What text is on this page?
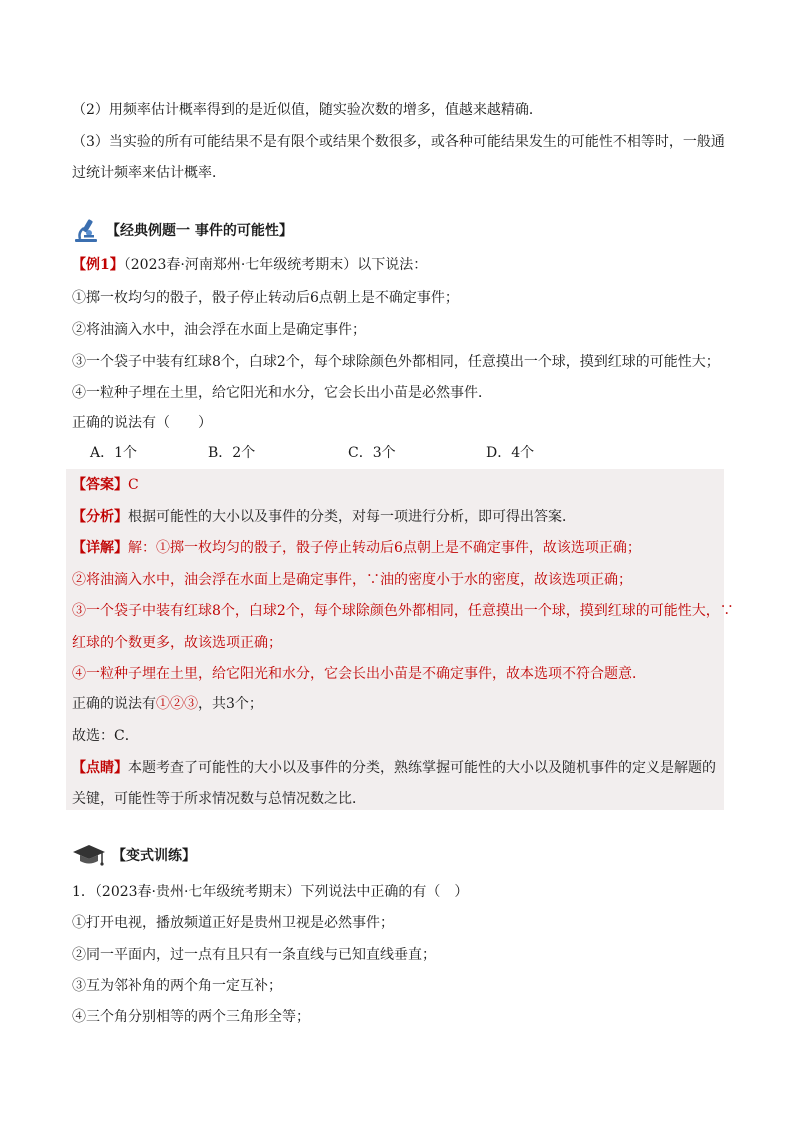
（2）用频率估计概率得到的是近似值，随实验次数的增多，值越来越精确．
（3）当实验的所有可能结果不是有限个或结果个数很多，或各种可能结果发生的可能性不相等时，一般通
过统计频率来估计概率．
【经典例题一 事件的可能性】
【例1】（2023春·河南郑州·七年级统考期末）以下说法：
①掷一枚均匀的骰子，骰子停止转动后6点朝上是不确定事件；
②将油滴入水中，油会浮在水面上是确定事件；
③一个袋子中装有红球8个，白球2个，每个球除颜色外都相同，任意摸出一个球，摸到红球的可能性大；
④一粒种子埋在土里，给它阳光和水分，它会长出小苗是必然事件．
正确的说法有（　　）
A．1个	B．2个	C．3个	D．4个
【答案】C
【分析】根据可能性的大小以及事件的分类，对每一项进行分析，即可得出答案．
【详解】解：①掷一枚均匀的骰子，骰子停止转动后6点朝上是不确定事件，故该选项正确；
②将油滴入水中，油会浮在水面上是确定事件，∵油的密度小于水的密度，故该选项正确；
③一个袋子中装有红球8个，白球2个，每个球除颜色外都相同，任意摸出一个球，摸到红球的可能性大，∵
红球的个数更多，故该选项正确；
④一粒种子埋在土里，给它阳光和水分，它会长出小苗是不确定事件，故本选项不符合题意．
正确的说法有①②③，共3个；
故选：C．
【点睛】本题考查了可能性的大小以及事件的分类，熟练掌握可能性的大小以及随机事件的定义是解题的
关键，可能性等于所求情况数与总情况数之比．
【变式训练】
1．（2023春·贵州·七年级统考期末）下列说法中正确的有（　）
①打开电视，播放频道正好是贵州卫视是必然事件；
②同一平面内，过一点有且只有一条直线与已知直线垂直；
③互为邻补角的两个角一定互补；
④三个角分别相等的两个三角形全等；
